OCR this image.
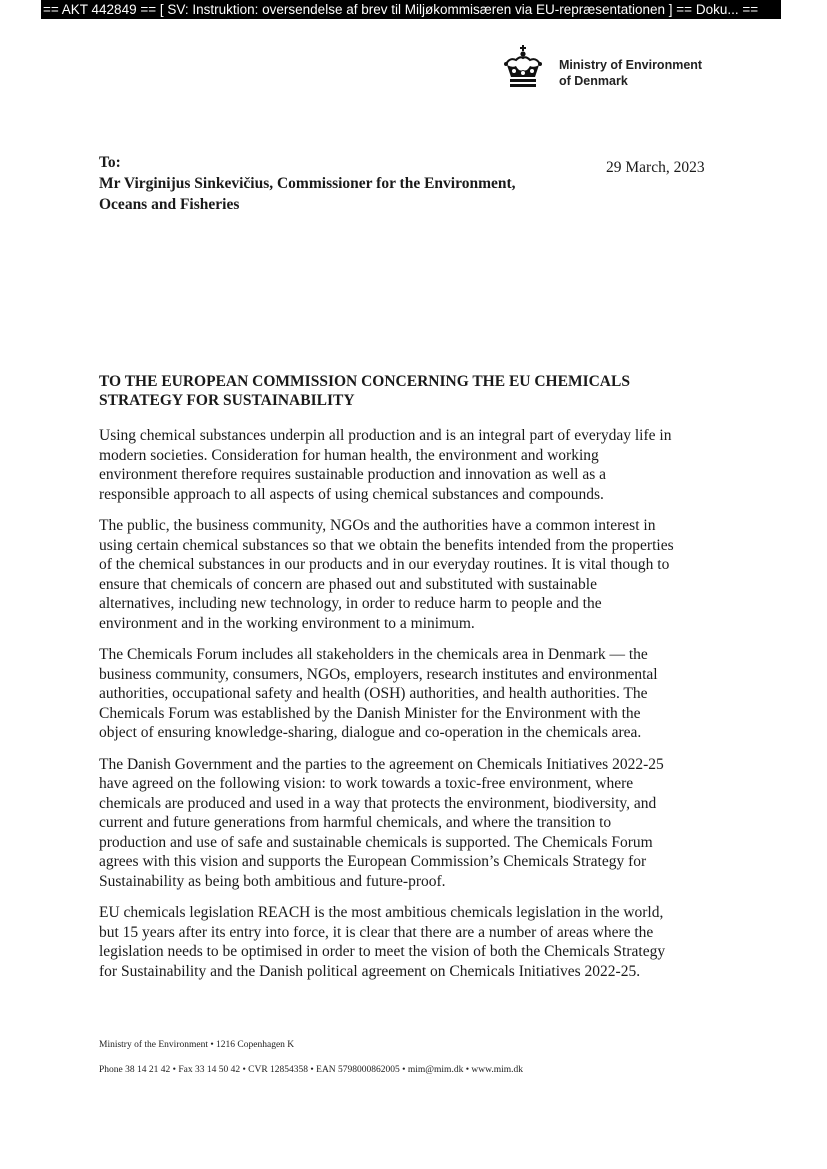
== AKT 442849 == [ SV: Instruktion: oversendelse af brev til Miljøkommisæren via EU-repræsentationen ] == Doku... ==
Ministry of Environment
of Denmark
To:
Mr Virginijus Sinkevičius, Commissioner for the Environment,
Oceans and Fisheries
29 March, 2023
TO THE EUROPEAN COMMISSION CONCERNING THE EU CHEMICALS
STRATEGY FOR SUSTAINABILITY

Using chemical substances underpin all production and is an integral part of everyday life in
modern societies. Consideration for human health, the environment and working
environment therefore requires sustainable production and innovation as well as a
responsible approach to all aspects of using chemical substances and compounds.

The public, the business community, NGOs and the authorities have a common interest in
using certain chemical substances so that we obtain the benefits intended from the properties
of the chemical substances in our products and in our everyday routines. It is vital though to
ensure that chemicals of concern are phased out and substituted with sustainable
alternatives, including new technology, in order to reduce harm to people and the
environment and in the working environment to a minimum.

The Chemicals Forum includes all stakeholders in the chemicals area in Denmark — the
business community, consumers, NGOs, employers, research institutes and environmental
authorities, occupational safety and health (OSH) authorities, and health authorities. The
Chemicals Forum was established by the Danish Minister for the Environment with the
object of ensuring knowledge-sharing, dialogue and co-operation in the chemicals area.

The Danish Government and the parties to the agreement on Chemicals Initiatives 2022-25
have agreed on the following vision: to work towards a toxic-free environment, where
chemicals are produced and used in a way that protects the environment, biodiversity, and
current and future generations from harmful chemicals, and where the transition to
production and use of safe and sustainable chemicals is supported. The Chemicals Forum
agrees with this vision and supports the European Commission’s Chemicals Strategy for
Sustainability as being both ambitious and future-proof.

EU chemicals legislation REACH is the most ambitious chemicals legislation in the world,
but 15 years after its entry into force, it is clear that there are a number of areas where the
legislation needs to be optimised in order to meet the vision of both the Chemicals Strategy
for Sustainability and the Danish political agreement on Chemicals Initiatives 2022-25.

Ministry of the Environment • 1216 Copenhagen K
Phone 38 14 21 42 • Fax 33 14 50 42 • CVR 12854358 • EAN 5798000862005 • mim@mim.dk • www.mim.dk
